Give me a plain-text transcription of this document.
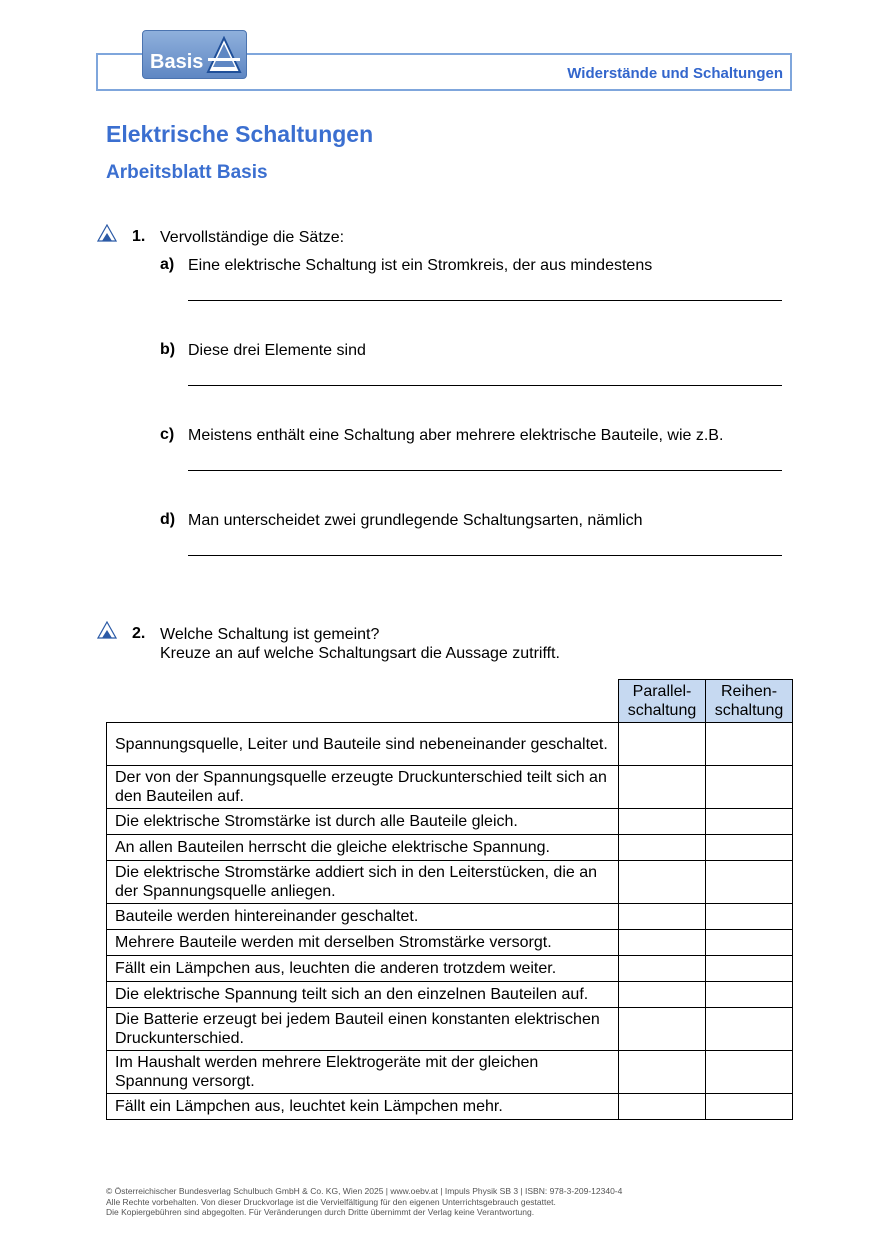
Basis
Widerstände und Schaltungen
Elektrische Schaltungen
Arbeitsblatt Basis
1. Vervollständige die Sätze:
a) Eine elektrische Schaltung ist ein Stromkreis, der aus mindestens
b) Diese drei Elemente sind
c) Meistens enthält eine Schaltung aber mehrere elektrische Bauteile, wie z.B.
d) Man unterscheidet zwei grundlegende Schaltungsarten, nämlich
2. Welche Schaltung ist gemeint?
Kreuze an auf welche Schaltungsart die Aussage zutrifft.
	Parallel-
schaltung	Reihen-
schaltung
Spannungsquelle, Leiter und Bauteile sind nebeneinander geschaltet.		
Der von der Spannungsquelle erzeugte Druckunterschied teilt sich an den Bauteilen auf.		
Die elektrische Stromstärke ist durch alle Bauteile gleich.		
An allen Bauteilen herrscht die gleiche elektrische Spannung.		
Die elektrische Stromstärke addiert sich in den Leiterstücken, die an der Spannungsquelle anliegen.		
Bauteile werden hintereinander geschaltet.		
Mehrere Bauteile werden mit derselben Stromstärke versorgt.		
Fällt ein Lämpchen aus, leuchten die anderen trotzdem weiter.		
Die elektrische Spannung teilt sich an den einzelnen Bauteilen auf.		
Die Batterie erzeugt bei jedem Bauteil einen konstanten elektrischen Druckunterschied.		
Im Haushalt werden mehrere Elektrogeräte mit der gleichen Spannung versorgt.		
Fällt ein Lämpchen aus, leuchtet kein Lämpchen mehr.		
© Österreichischer Bundesverlag Schulbuch GmbH & Co. KG, Wien 2025 | www.oebv.at | Impuls Physik SB 3 | ISBN: 978-3-209-12340-4
Alle Rechte vorbehalten. Von dieser Druckvorlage ist die Vervielfältigung für den eigenen Unterrichtsgebrauch gestattet.
Die Kopiergebühren sind abgegolten. Für Veränderungen durch Dritte übernimmt der Verlag keine Verantwortung.
